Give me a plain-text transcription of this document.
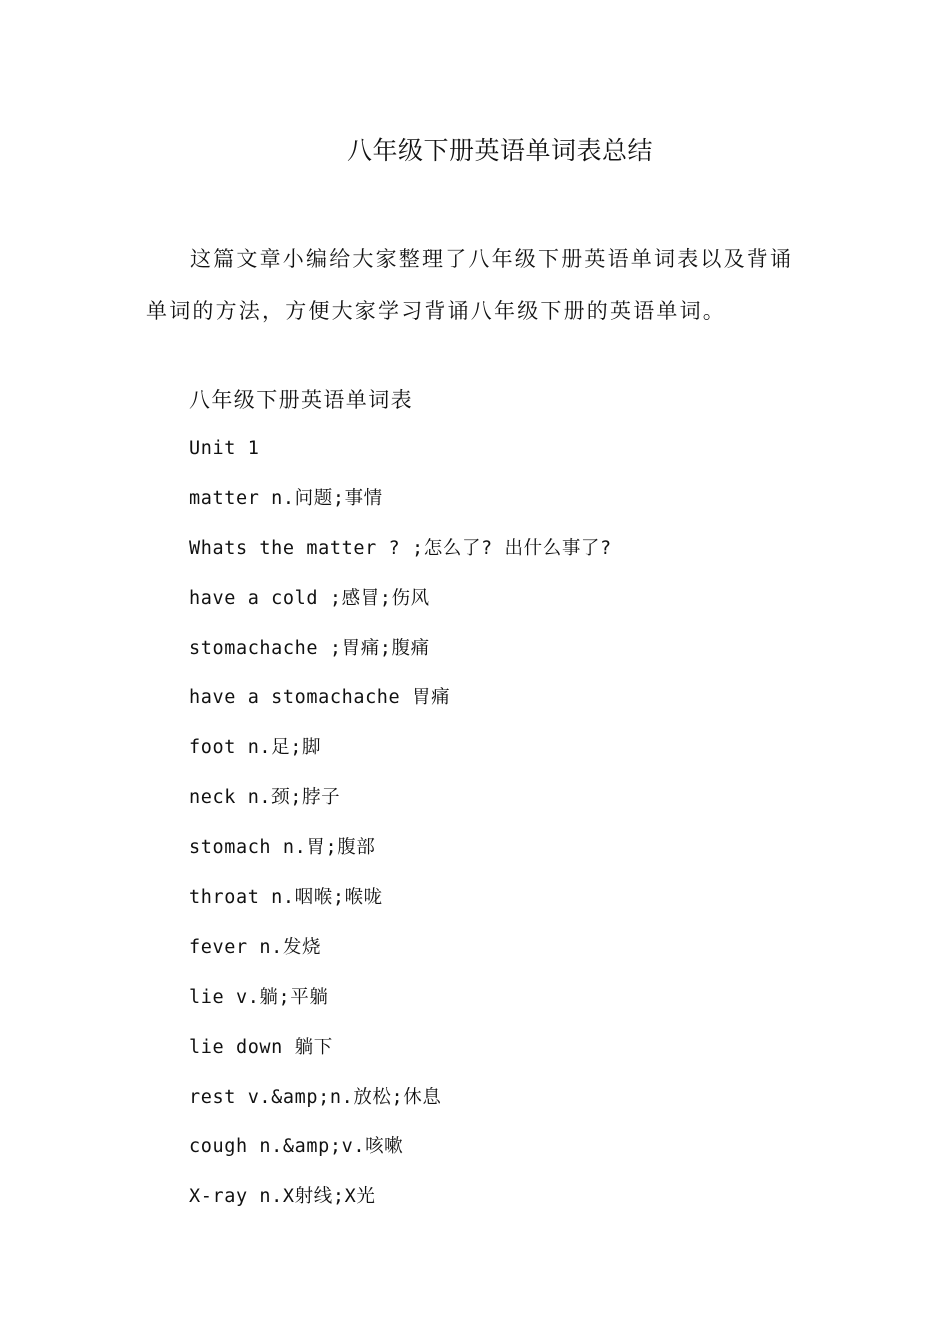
八年级下册英语单词表总结
这篇文章小编给大家整理了八年级下册英语单词表以及背诵单词的方法，方便大家学习背诵八年级下册的英语单词。
八年级下册英语单词表
Unit 1
matter n.问题;事情
Whats the matter ? ;怎么了? 出什么事了?
have a cold ;感冒;伤风
stomachache ;胃痛;腹痛
have a stomachache 胃痛
foot n.足;脚
neck n.颈;脖子
stomach n.胃;腹部
throat n.咽喉;喉咙
fever n.发烧
lie v.躺;平躺
lie down 躺下
rest v.&amp;n.放松;休息
cough n.&amp;v.咳嗽
X-ray n.X射线;X光
